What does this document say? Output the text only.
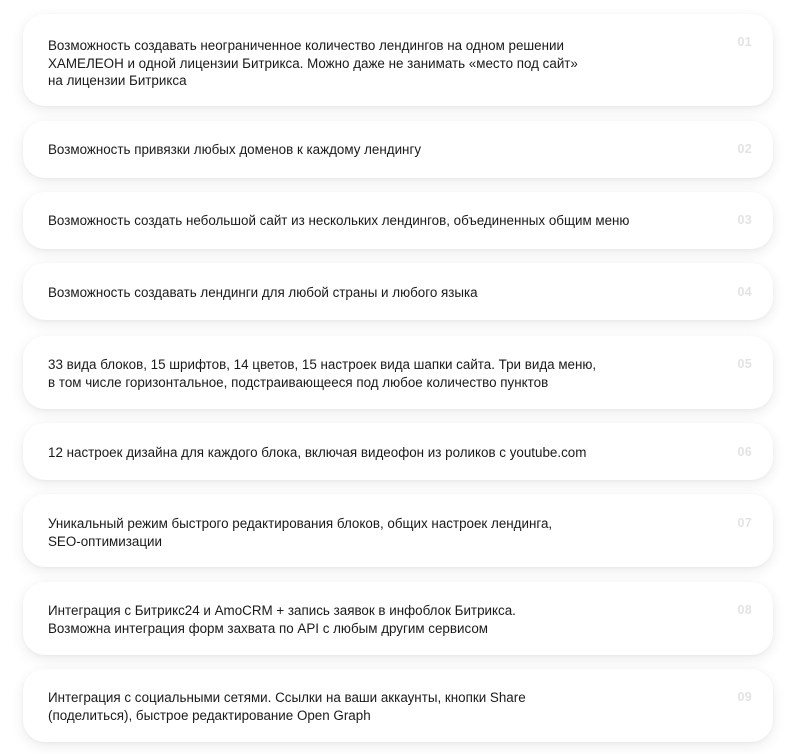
Возможность создавать неограниченное количество лендингов на одном решении
ХАМЕЛЕОН и одной лицензии Битрикса. Можно даже не занимать «место под сайт»
на лицензии Битрикса
01
Возможность привязки любых доменов к каждому лендингу	02
Возможность создать небольшой сайт из нескольких лендингов, объединенных общим меню	03
Возможность создавать лендинги для любой страны и любого языка	04
33 вида блоков, 15 шрифтов, 14 цветов, 15 настроек вида шапки сайта. Три вида меню,
в том числе горизонтальное, подстраивающееся под любое количество пунктов
05
12 настроек дизайна для каждого блока, включая видеофон из роликов с youtube.com	06
Уникальный режим быстрого редактирования блоков, общих настроек лендинга,
SEO-оптимизации
07
Интеграция с Битрикс24 и AmoCRM + запись заявок в инфоблок Битрикса.
Возможна интеграция форм захвата по API с любым другим сервисом
08
Интеграция с социальными сетями. Ссылки на ваши аккаунты, кнопки Share
(поделиться), быстрое редактирование Open Graph
09
